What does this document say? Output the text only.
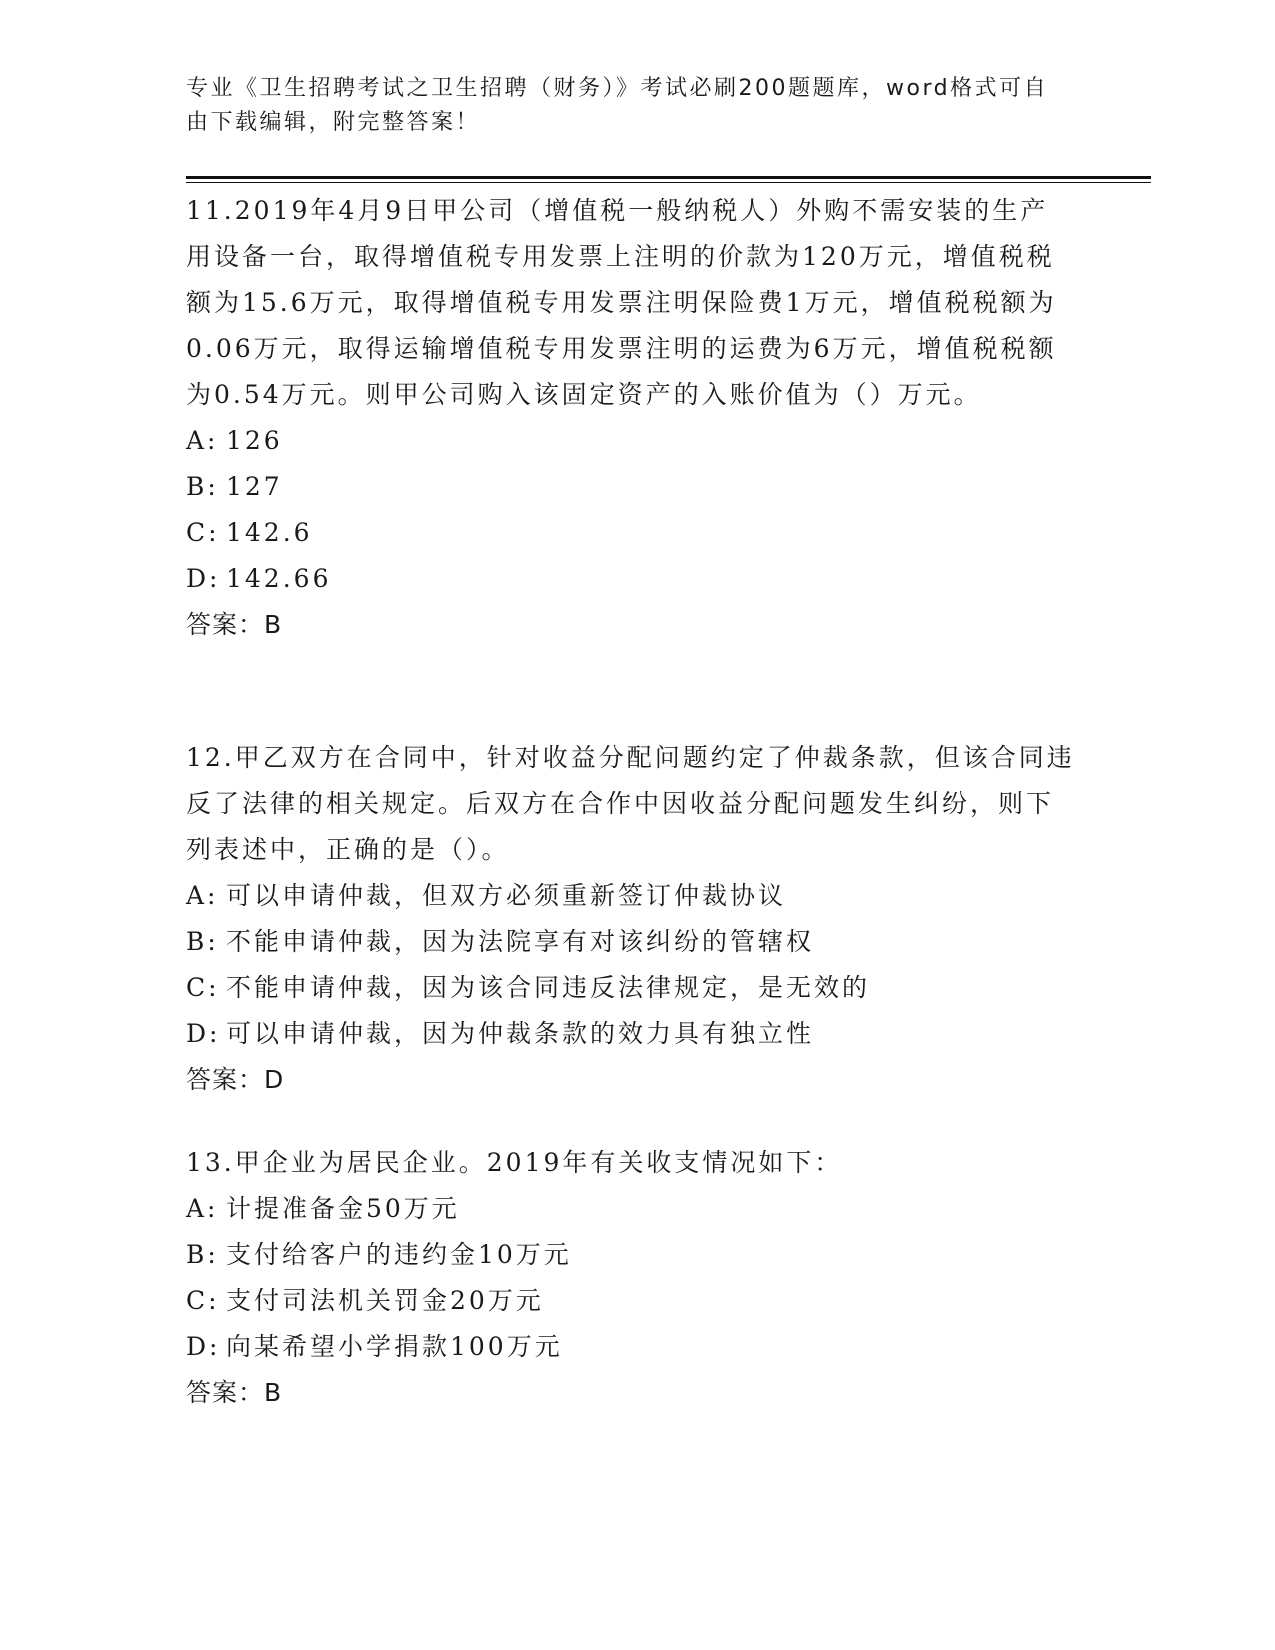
专业《卫生招聘考试之卫生招聘（财务）》考试必刷200题题库，word格式可自由下载编辑，附完整答案！
11.2019年4月9日甲公司（增值税一般纳税人）外购不需安装的生产用设备一台，取得增值税专用发票上注明的价款为120万元，增值税税额为15.6万元，取得增值税专用发票注明保险费1万元，增值税税额为0.06万元，取得运输增值税专用发票注明的运费为6万元，增值税税额为0.54万元。则甲公司购入该固定资产的入账价值为（）万元。
A: 126
B: 127
C: 142.6
D: 142.66
答案：B
12.甲乙双方在合同中，针对收益分配问题约定了仲裁条款，但该合同违反了法律的相关规定。后双方在合作中因收益分配问题发生纠纷，则下列表述中，正确的是（）。
A: 可以申请仲裁，但双方必须重新签订仲裁协议
B: 不能申请仲裁，因为法院享有对该纠纷的管辖权
C: 不能申请仲裁，因为该合同违反法律规定，是无效的
D: 可以申请仲裁，因为仲裁条款的效力具有独立性
答案：D
13.甲企业为居民企业。2019年有关收支情况如下：
A: 计提准备金50万元
B: 支付给客户的违约金10万元
C: 支付司法机关罚金20万元
D: 向某希望小学捐款100万元
答案：B
